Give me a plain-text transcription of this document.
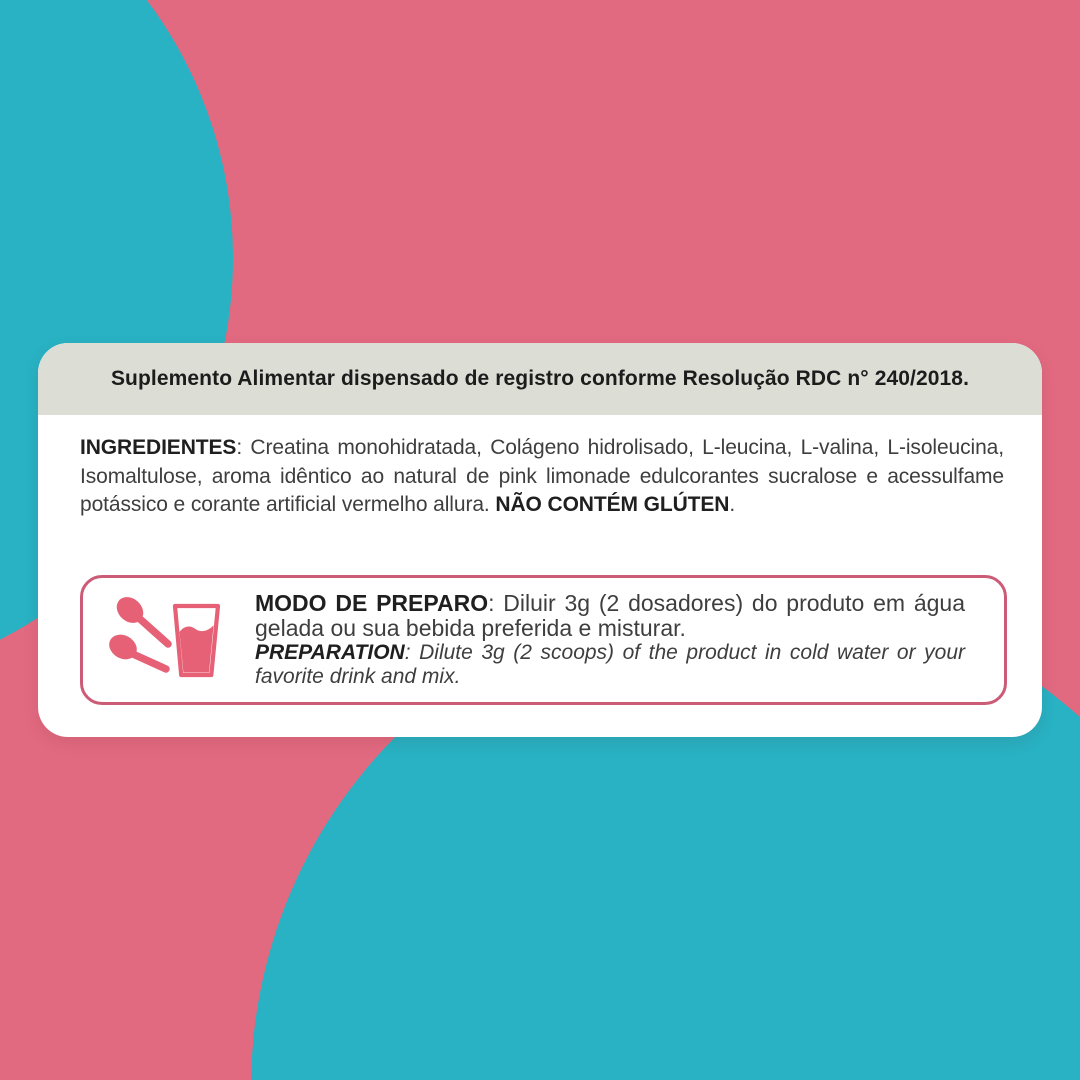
Suplemento Alimentar dispensado de registro conforme Resolução RDC n° 240/2018.
INGREDIENTES: Creatina monohidratada, Colágeno hidrolisado, L-leucina, L-valina, L-isoleucina, Isomaltulose, aroma idêntico ao natural de pink limonade edulcorantes sucralose e acessulfame potássico e corante artificial vermelho allura. NÃO CONTÉM GLÚTEN.

MODO DE PREPARO: Diluir 3g (2 dosadores) do produto em água gelada ou sua bebida preferida e misturar.

PREPARATION: Dilute 3g (2 scoops) of the product in cold water or your favorite drink and mix.
